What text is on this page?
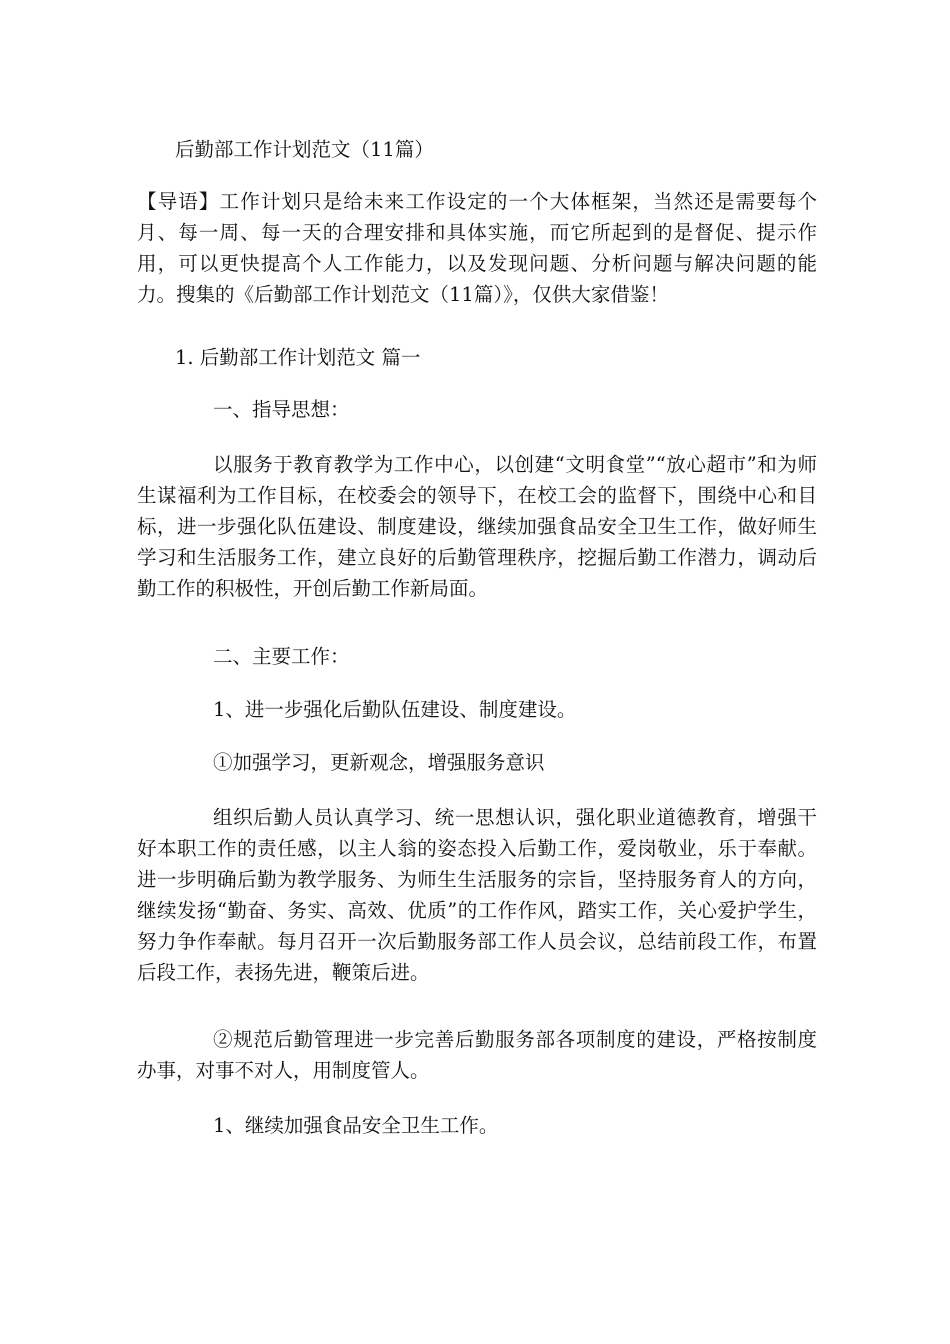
后勤部工作计划范文（11篇）

【导语】工作计划只是给未来工作设定的一个大体框架，当然还是需要每个月、每一周、每一天的合理安排和具体实施，而它所起到的是督促、提示作用，可以更快提高个人工作能力，以及发现问题、分析问题与解决问题的能力。搜集的《后勤部工作计划范文（11篇）》，仅供大家借鉴！

1. 后勤部工作计划范文 篇一

一、指导思想：

以服务于教育教学为工作中心，以创建“文明食堂”“放心超市”和为师生谋福利为工作目标，在校委会的领导下，在校工会的监督下，围绕中心和目标，进一步强化队伍建设、制度建设，继续加强食品安全卫生工作，做好师生学习和生活服务工作，建立良好的后勤管理秩序，挖掘后勤工作潜力，调动后勤工作的积极性，开创后勤工作新局面。

二、主要工作：

1、进一步强化后勤队伍建设、制度建设。

①加强学习，更新观念，增强服务意识

组织后勤人员认真学习、统一思想认识，强化职业道德教育，增强干好本职工作的责任感，以主人翁的姿态投入后勤工作，爱岗敬业，乐于奉献。进一步明确后勤为教学服务、为师生生活服务的宗旨，坚持服务育人的方向，继续发扬“勤奋、务实、高效、优质”的工作作风，踏实工作，关心爱护学生，努力争作奉献。每月召开一次后勤服务部工作人员会议，总结前段工作，布置后段工作，表扬先进，鞭策后进。

②规范后勤管理进一步完善后勤服务部各项制度的建设，严格按制度办事，对事不对人，用制度管人。

1、继续加强食品安全卫生工作。
